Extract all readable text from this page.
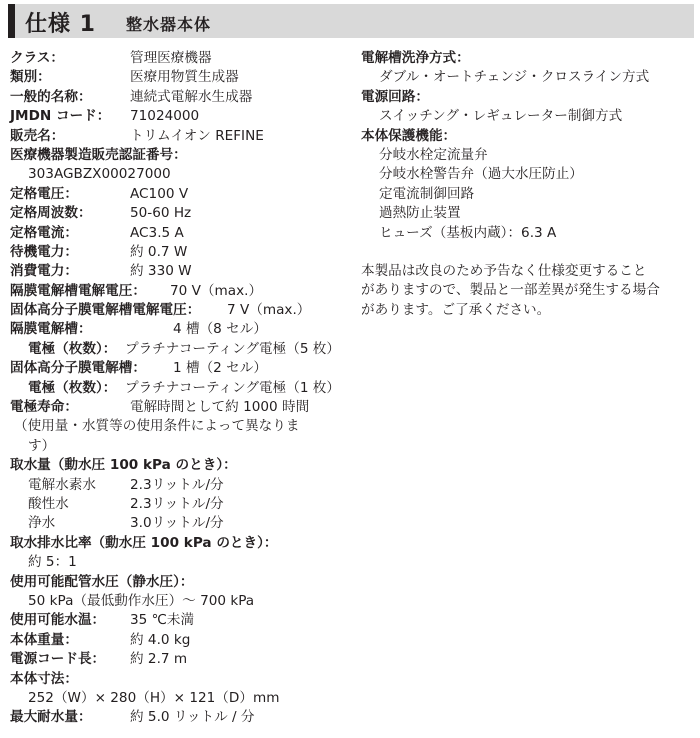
仕様 1 整水器本体
クラス：	管理医療機器
類別：	医療用物質生成器
一般的名称：	連続式電解水生成器
JMDN コード： 71024000
販売名：	トリムイオン REFINE
医療機器製造販売認証番号：
303AGBZX00027000
定格電圧：	AC100 V
定格周波数：	50-60 Hz
定格電流：	AC3.5 A
待機電力：	約 0.7 W
消費電力：	約 330 W
隔膜電解槽電解電圧： 70 V（max.）
固体高分子膜電解槽電解電圧： 7 V（max.）
隔膜電解槽：	4 槽（8 セル）
電極（枚数）： プラチナコーティング電極（5 枚）
固体高分子膜電解槽： 1 槽（2 セル）
電極（枚数）： プラチナコーティング電極（1 枚）
電極寿命：	電解時間として約 1000 時間
（使用量・水質等の使用条件によって異なりま
す）
取水量（動水圧 100 kPa のとき）：
電解水素水	2.3リットル/分
酸性水	2.3リットル/分
浄水	3.0リットル/分
取水排水比率（動水圧 100 kPa のとき）：
約 5：1
使用可能配管水圧（静水圧）：
50 kPa（最低動作水圧）～ 700 kPa
使用可能水温： 35 ℃未満
本体重量：	約 4.0 kg
電源コード長： 約 2.7 m
本体寸法：
252（W）× 280（H）× 121（D）mm
最大耐水量：	約 5.0 リットル / 分
電解槽洗浄方式：
ダブル・オートチェンジ・クロスライン方式
電源回路：
スイッチング・レギュレーター制御方式
本体保護機能：
分岐水栓定流量弁
分岐水栓警告弁（過大水圧防止）
定電流制御回路
過熱防止装置
ヒューズ（基板内蔵）：6.3 A
本製品は改良のため予告なく仕様変更すること
がありますので、製品と一部差異が発生する場合
があります。ご了承ください。
